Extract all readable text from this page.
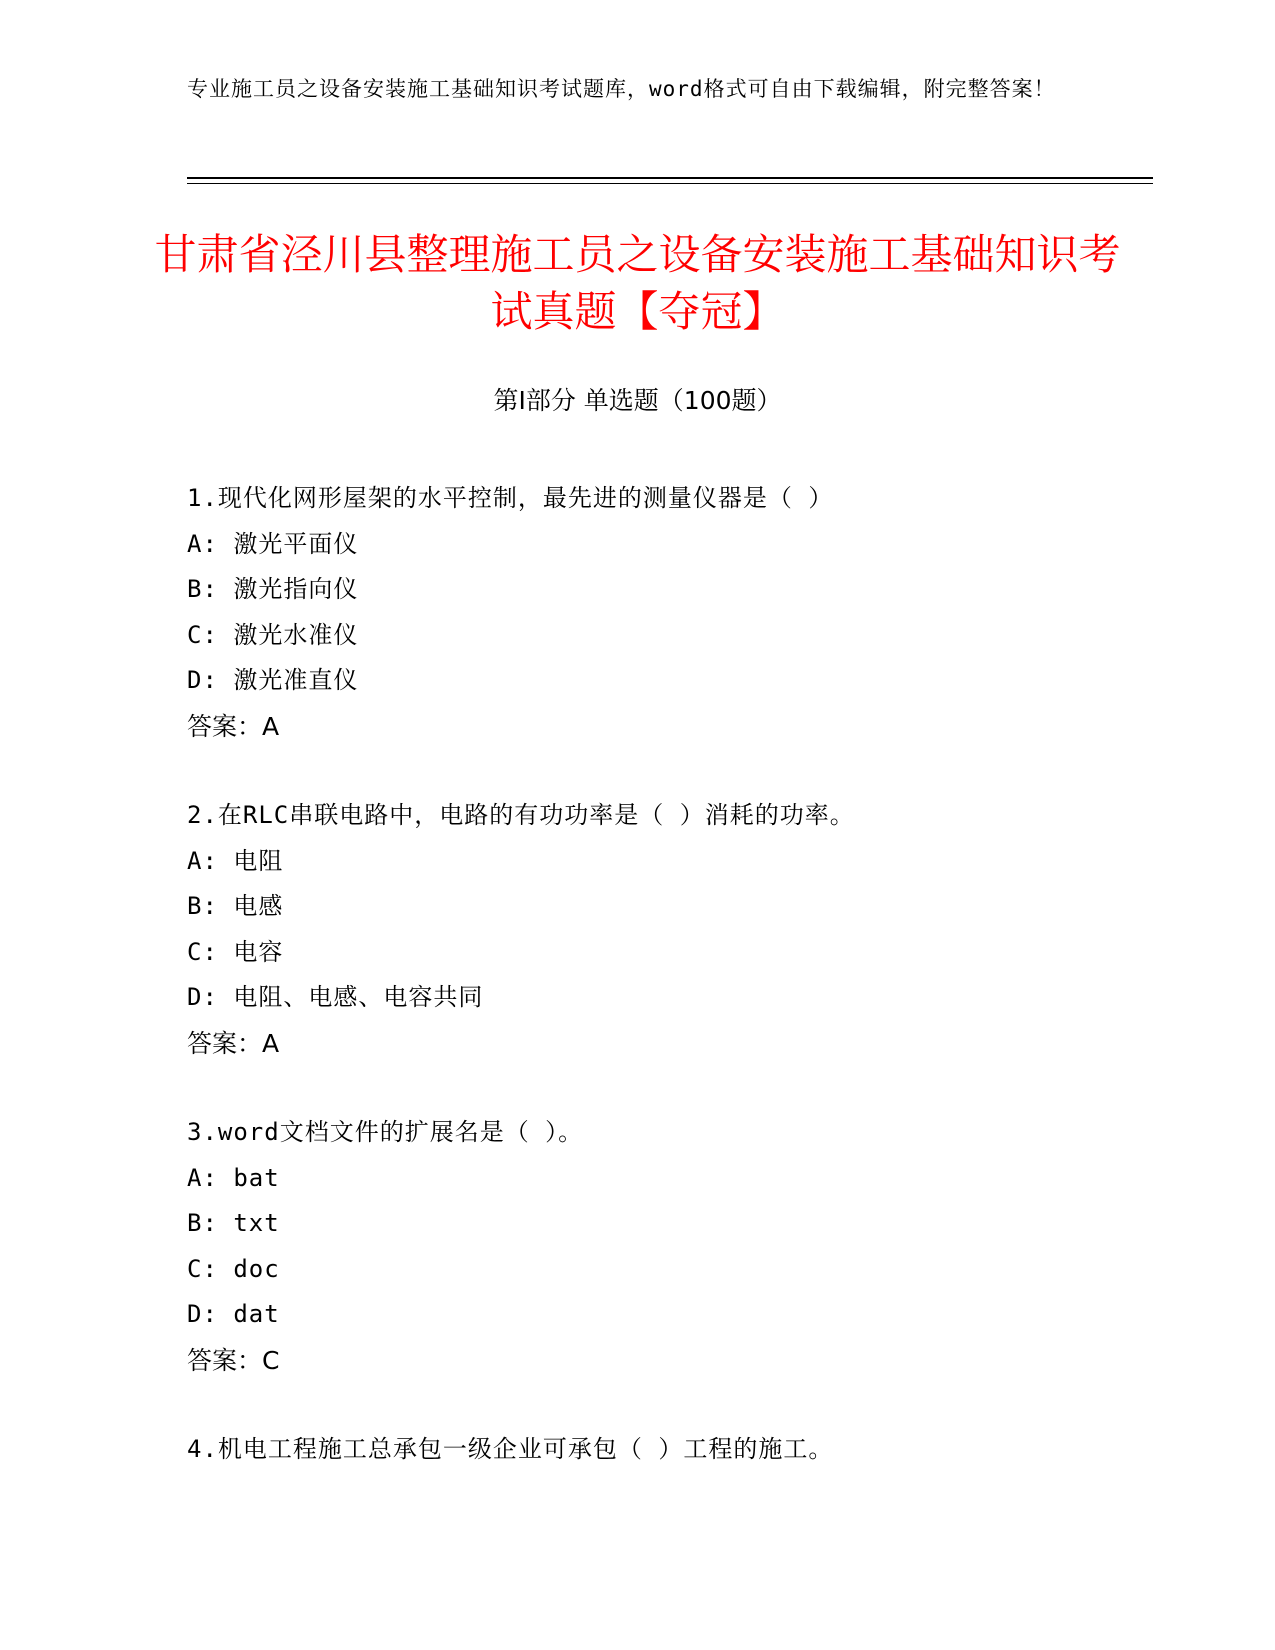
专业施工员之设备安装施工基础知识考试题库，word格式可自由下载编辑，附完整答案！
甘肃省泾川县整理施工员之设备安装施工基础知识考试真题【夺冠】
第Ⅰ部分 单选题（100题）
1.现代化网形屋架的水平控制，最先进的测量仪器是（ ）
A: 激光平面仪
B: 激光指向仪
C: 激光水准仪
D: 激光准直仪
答案：A
2.在RLC串联电路中，电路的有功功率是（ ）消耗的功率。
A: 电阻
B: 电感
C: 电容
D: 电阻、电感、电容共同
答案：A
3.word文档文件的扩展名是（ ）。
A: bat
B: txt
C: doc
D: dat
答案：C
4.机电工程施工总承包一级企业可承包（ ）工程的施工。
